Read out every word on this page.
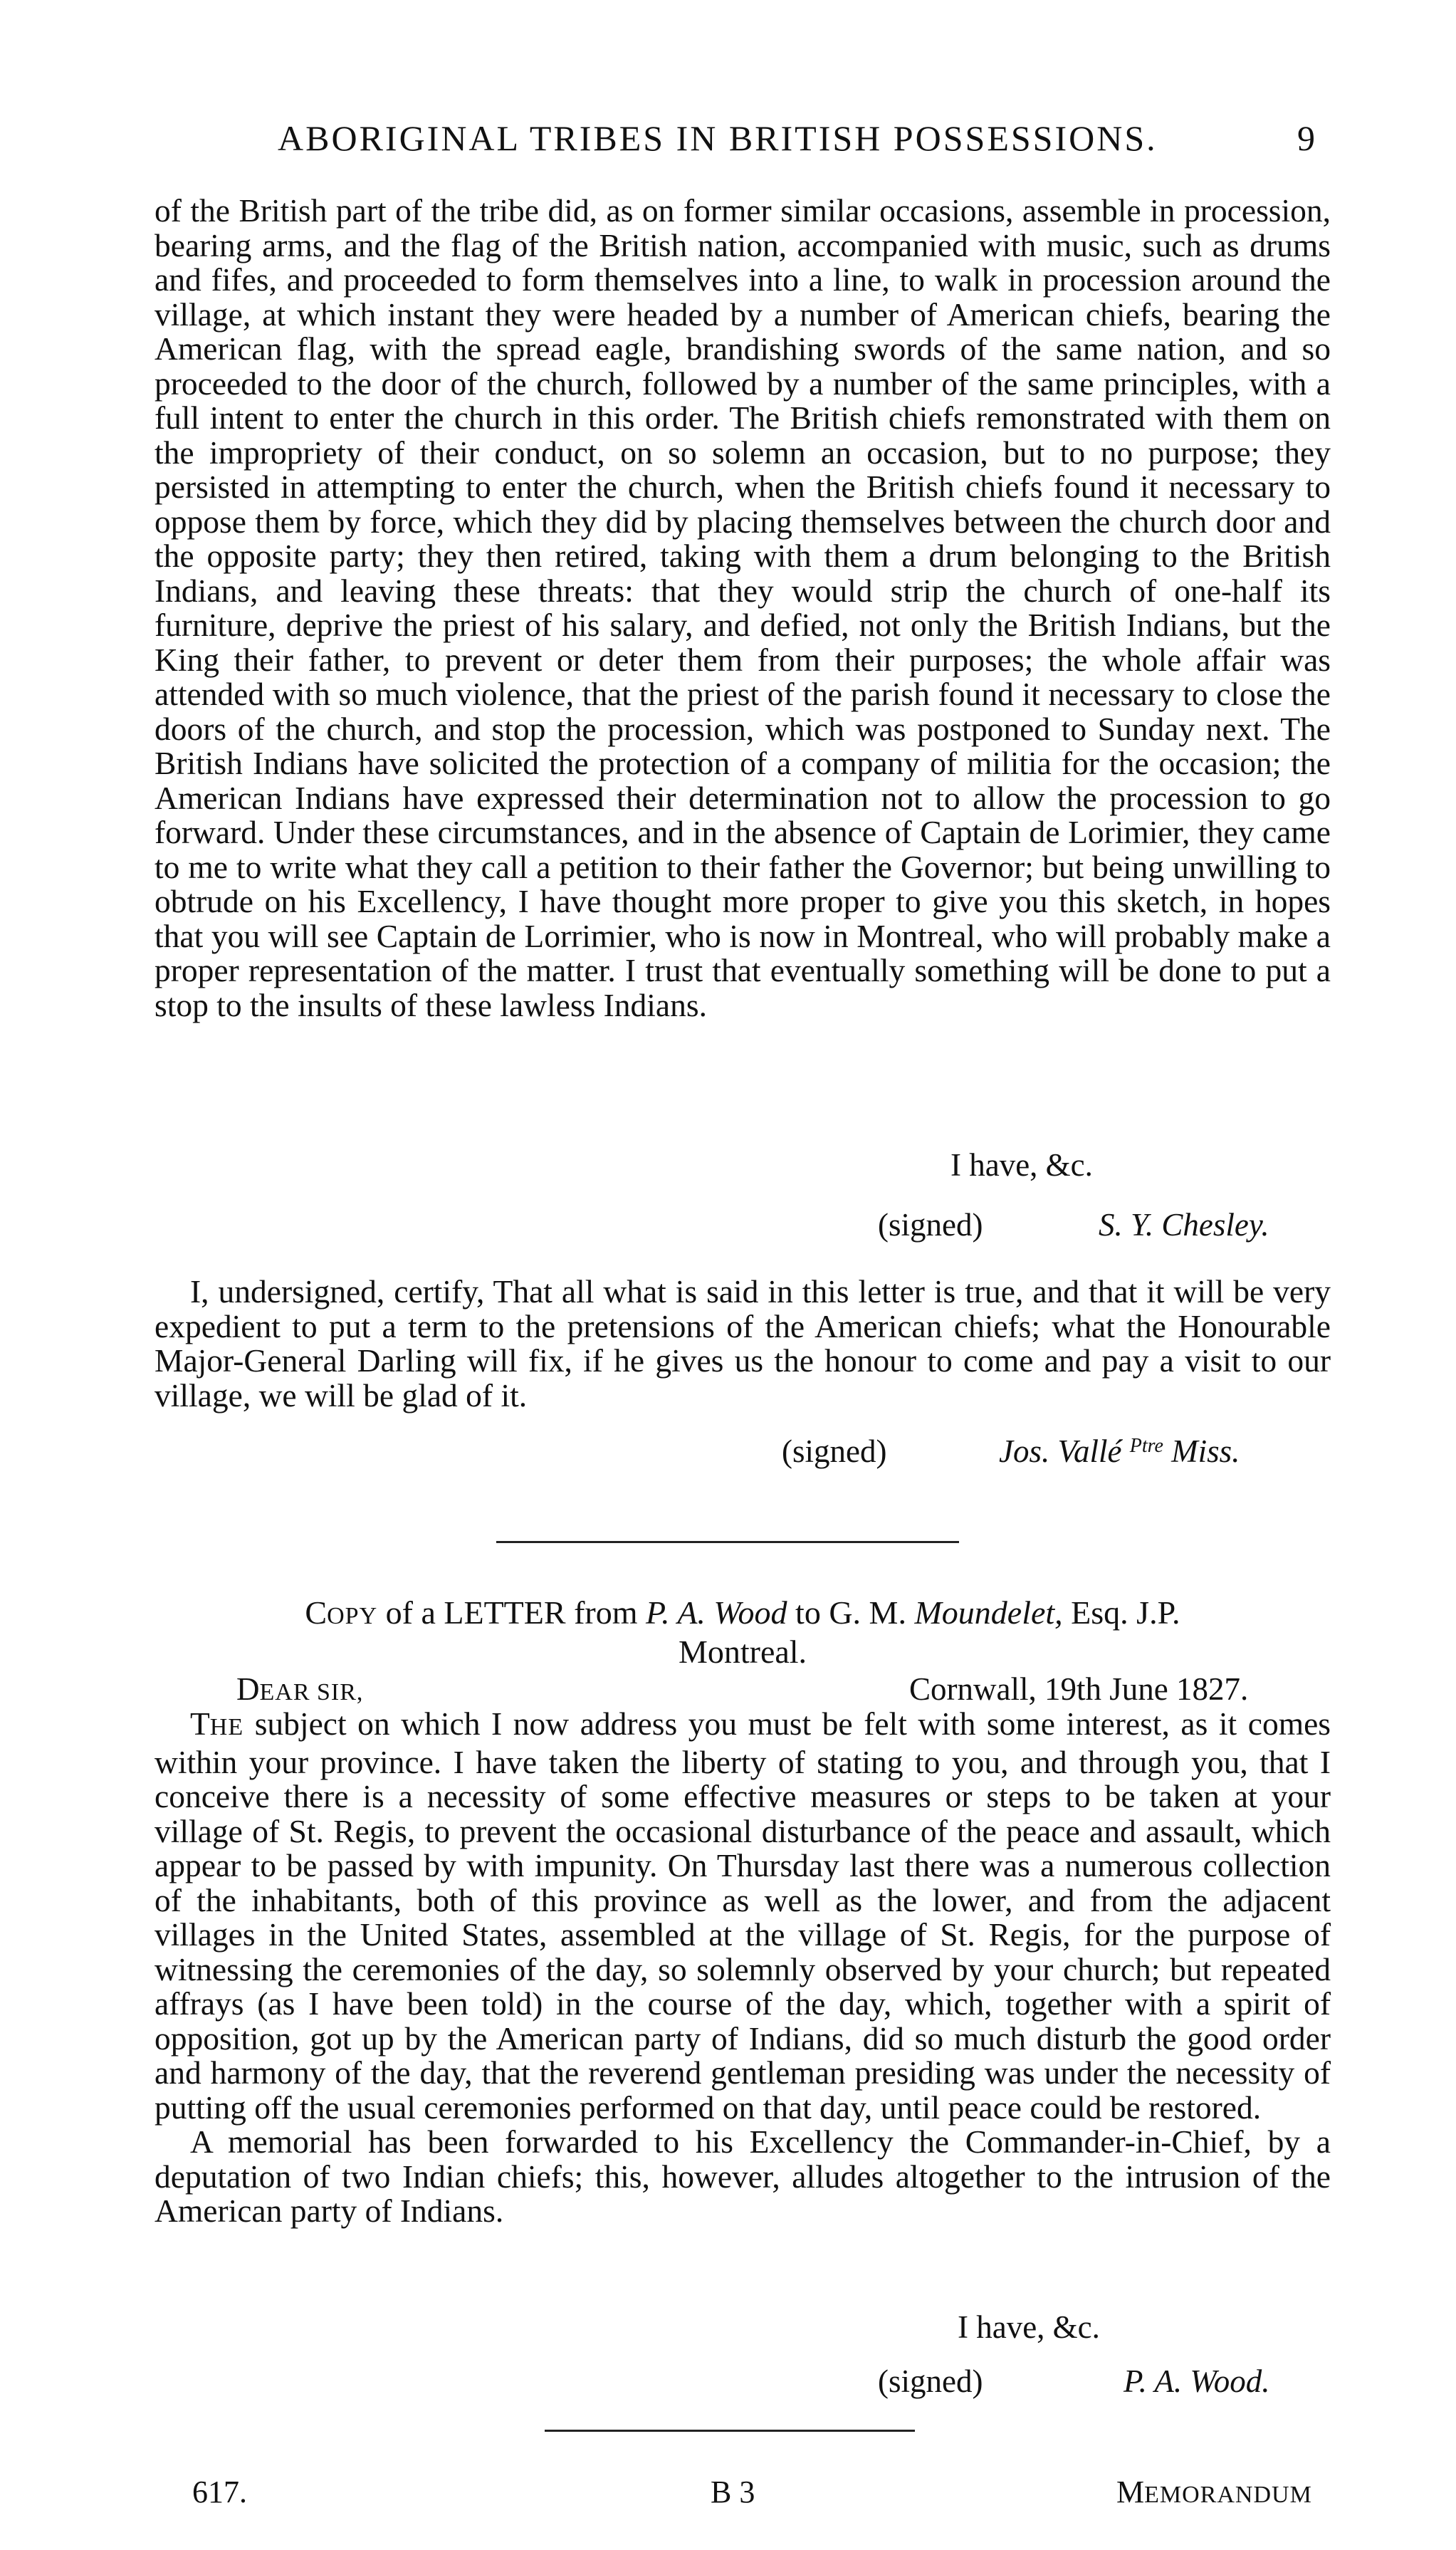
ABORIGINAL TRIBES IN BRITISH POSSESSIONS.	9

of the British part of the tribe did, as on former similar occasions, assemble in procession, bearing arms, and the flag of the British nation, accompanied with music, such as drums and fifes, and proceeded to form themselves into a line, to walk in procession around the village, at which instant they were headed by a number of American chiefs, bearing the American flag, with the spread eagle, brandishing swords of the same nation, and so proceeded to the door of the church, followed by a number of the same principles, with a full intent to enter the church in this order. The British chiefs remonstrated with them on the impropriety of their conduct, on so solemn an occasion, but to no purpose; they persisted in attempting to enter the church, when the British chiefs found it necessary to oppose them by force, which they did by placing themselves between the church door and the opposite party; they then retired, taking with them a drum belonging to the British Indians, and leaving these threats: that they would strip the church of one-half its furniture, deprive the priest of his salary, and defied, not only the British Indians, but the King their father, to prevent or deter them from their purposes; the whole affair was attended with so much violence, that the priest of the parish found it necessary to close the doors of the church, and stop the procession, which was postponed to Sunday next. The British Indians have solicited the protection of a company of militia for the occasion; the American Indians have expressed their determination not to allow the procession to go forward. Under these circumstances, and in the absence of Captain de Lorimier, they came to me to write what they call a petition to their father the Governor; but being unwilling to obtrude on his Excellency, I have thought more proper to give you this sketch, in hopes that you will see Captain de Lorrimier, who is now in Montreal, who will probably make a proper representation of the matter. I trust that eventually something will be done to put a stop to the insults of these lawless Indians.

I have, &c.
(signed)	S. Y. Chesley.

I, undersigned, certify, That all what is said in this letter is true, and that it will be very expedient to put a term to the pretensions of the American chiefs; what the Honourable Major-General Darling will fix, if he gives us the honour to come and pay a visit to our village, we will be glad of it.

(signed)	Jos. Vallé $^{Ptre}$ Miss.
COPY of a LETTER from P. A. Wood to G. M. Moundelet, Esq. J.P.
Montreal.
DEAR SIR,	Cornwall, 19th June 1827.

THE subject on which I now address you must be felt with some interest, as it comes within your province. I have taken the liberty of stating to you, and through you, that I conceive there is a necessity of some effective measures or steps to be taken at your village of St. Regis, to prevent the occasional disturbance of the peace and assault, which appear to be passed by with impunity. On Thursday last there was a numerous collection of the inhabitants, both of this province as well as the lower, and from the adjacent villages in the United States, assembled at the village of St. Regis, for the purpose of witnessing the ceremonies of the day, so solemnly observed by your church; but repeated affrays (as I have been told) in the course of the day, which, together with a spirit of opposition, got up by the American party of Indians, did so much disturb the good order and harmony of the day, that the reverend gentleman presiding was under the necessity of putting off the usual ceremonies performed on that day, until peace could be restored.

A memorial has been forwarded to his Excellency the Commander-in-Chief, by a deputation of two Indian chiefs; this, however, alludes altogether to the intrusion of the American party of Indians.

I have, &c.
(signed)	P. A. Wood.
617.	B 3	MEMORANDUM
